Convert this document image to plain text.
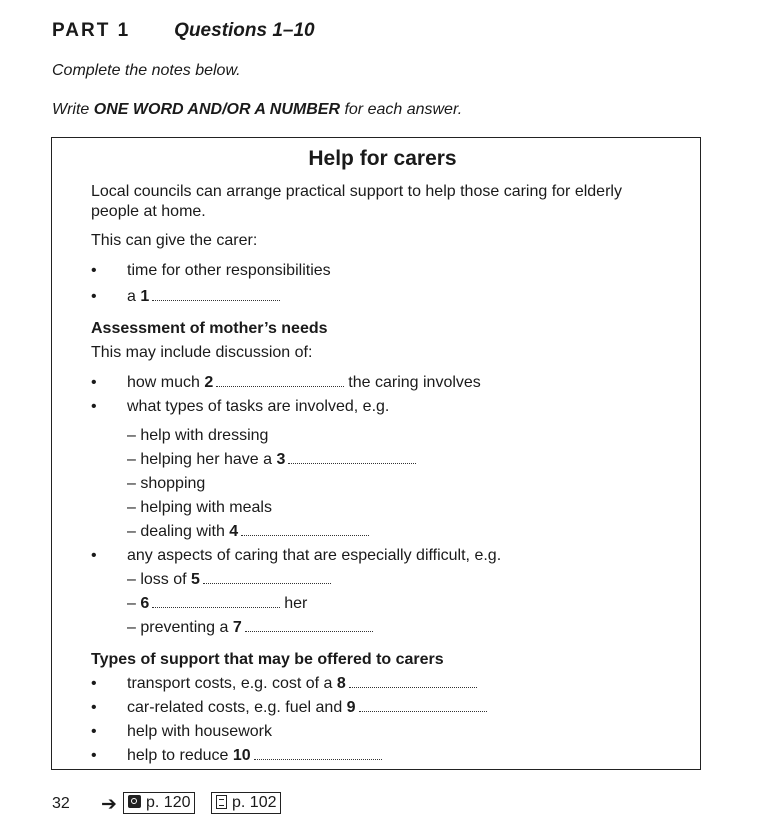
PART 1 Questions 1–10
Complete the notes below.
Write ONE WORD AND/OR A NUMBER for each answer.
Help for carers
Local councils can arrange practical support to help those caring for elderly
people at home.
This can give the carer:
• time for other responsibilities
• a 1
Assessment of mother’s needs
This may include discussion of:
• how much 2	the caring involves
• what types of tasks are involved, e.g.
– help with dressing
– helping her have a 3
– shopping
– helping with meals
– dealing with 4
• any aspects of caring that are especially difficult, e.g.
– loss of 5
– 6	her
– preventing a 7
Types of support that may be offered to carers
• transport costs, e.g. cost of a 8
• car-related costs, e.g. fuel and 9
• help with housework
• help to reduce 10
32 ➔	p. 120	p. 102
